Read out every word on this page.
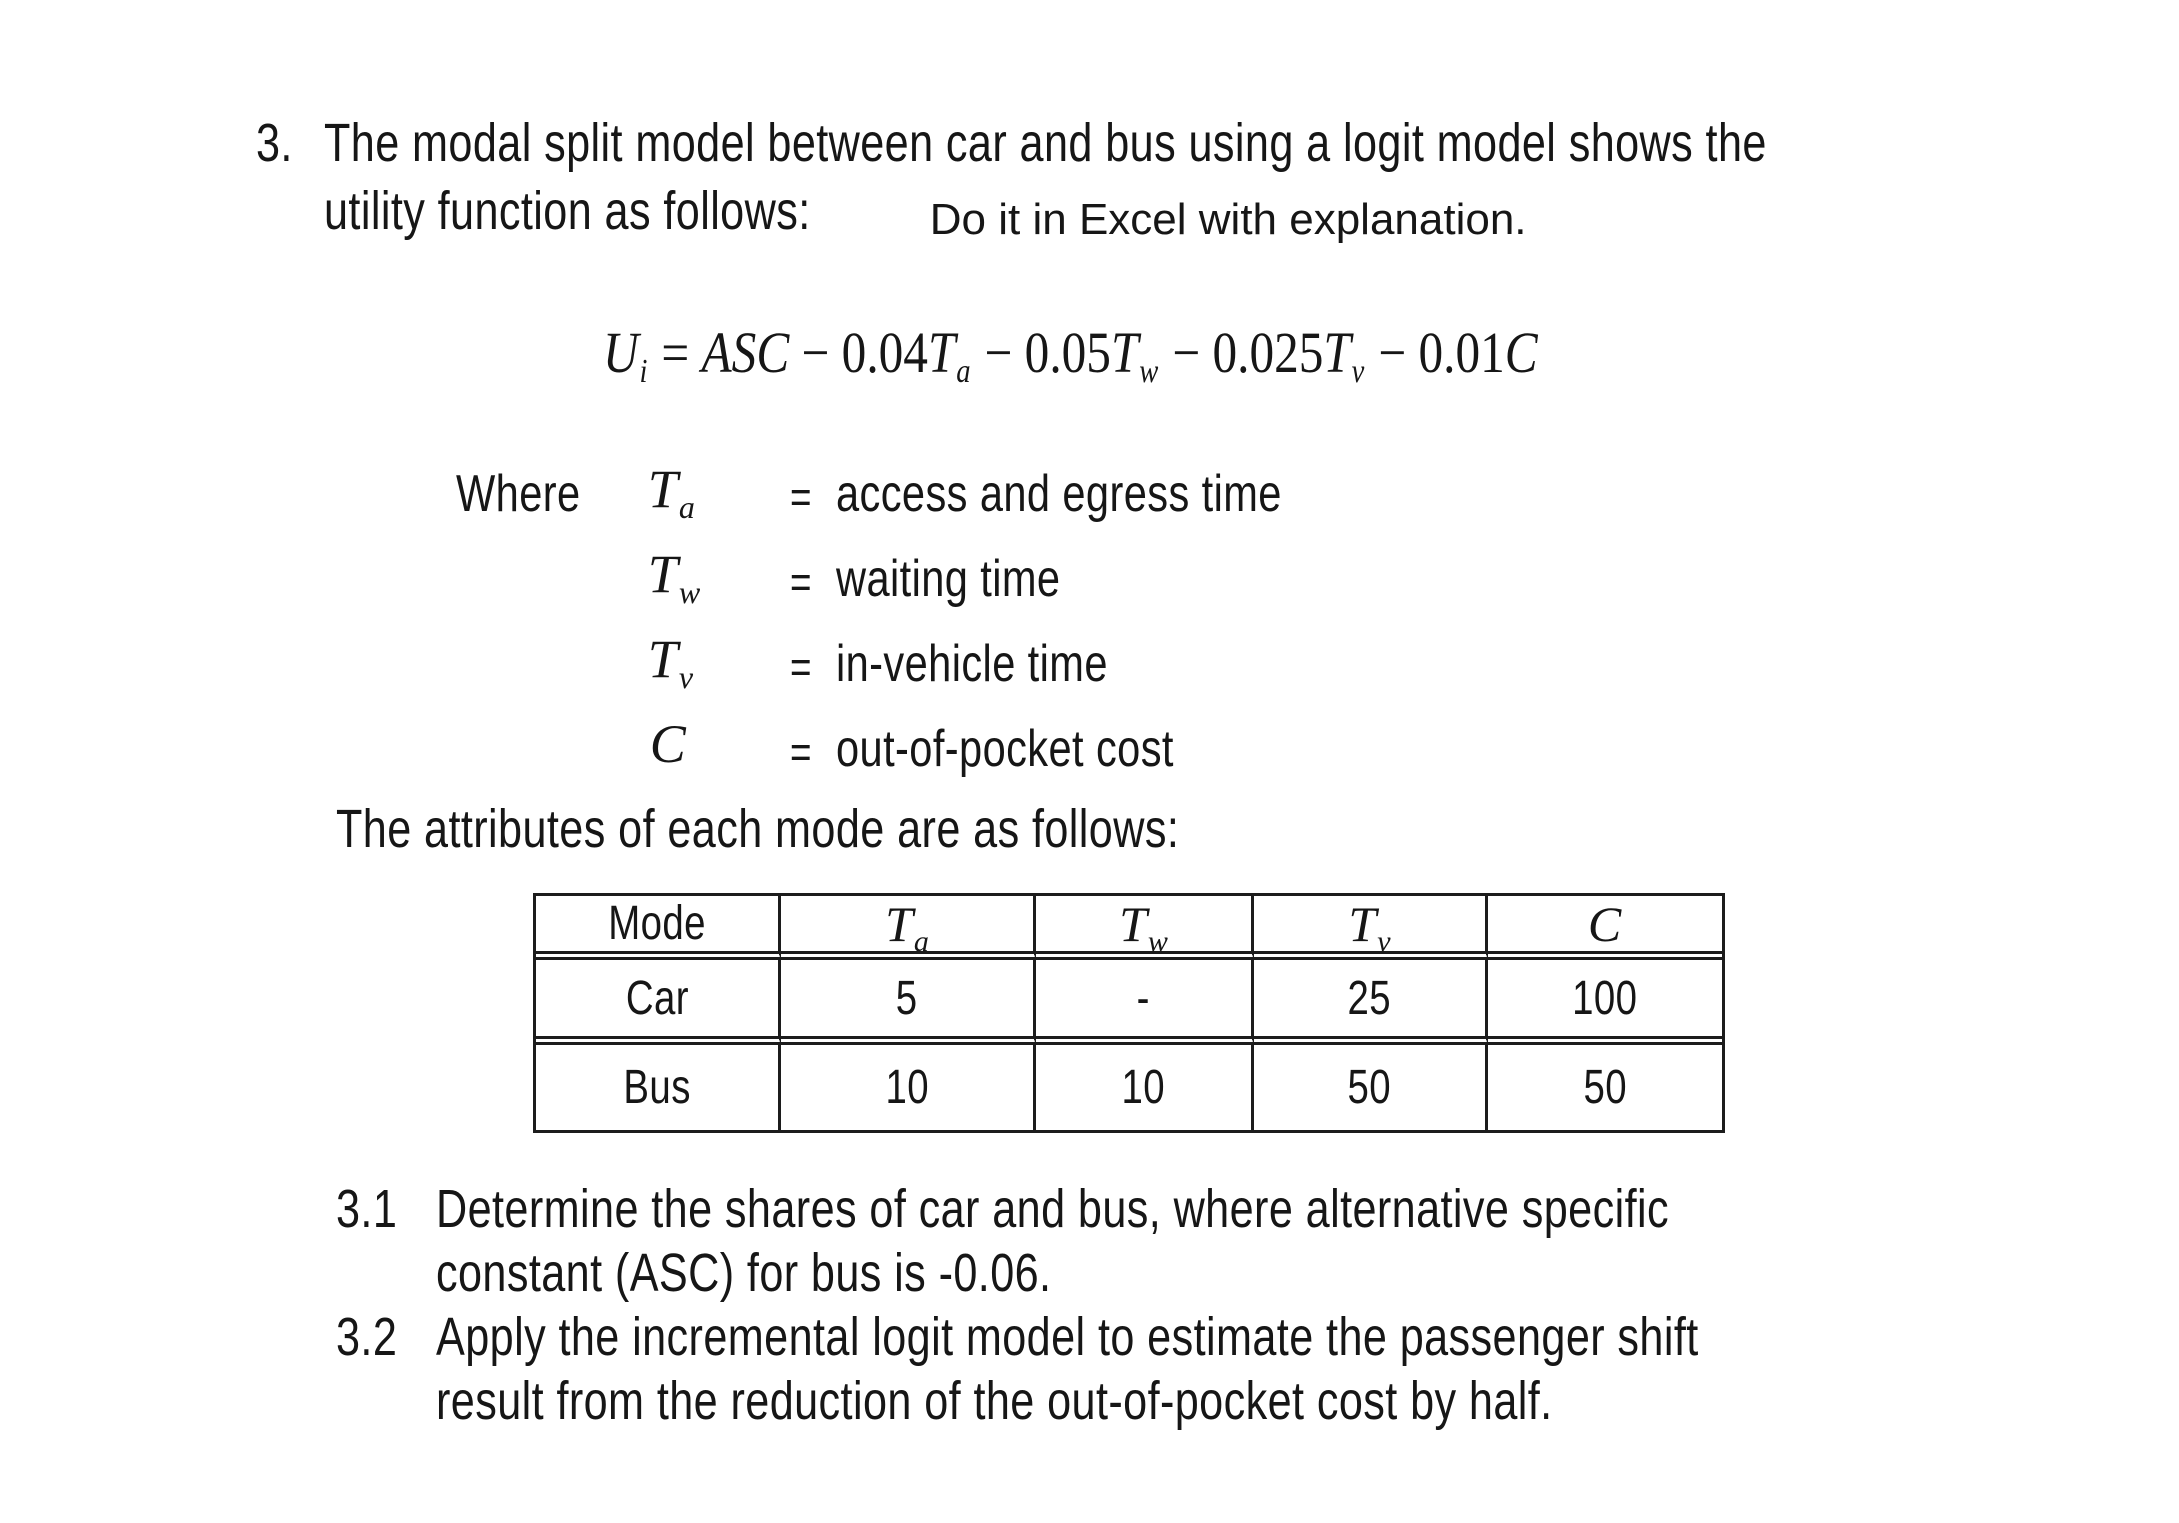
3.
The modal split model between car and bus using a logit model shows the

utility function as follows:
	Do it in Excel with explanation.

Ui = ASC − 0.04Ta − 0.05Tw − 0.025Tv − 0.01C

Where
	Ta
	=
access and egress time

Tw
	=
waiting time

Tv
	=
in-vehicle time

C
	=
out-of-pocket cost

The attributes of each mode are as follows:

Mode	Ta	Tw	Tv	C
Car	5	-	25	100
Bus	10	10	50	50

3.1
Determine the shares of car and bus, where alternative specific

constant (ASC) for bus is -0.06.

3.2
Apply the incremental logit model to estimate the passenger shift

result from the reduction of the out-of-pocket cost by half.
